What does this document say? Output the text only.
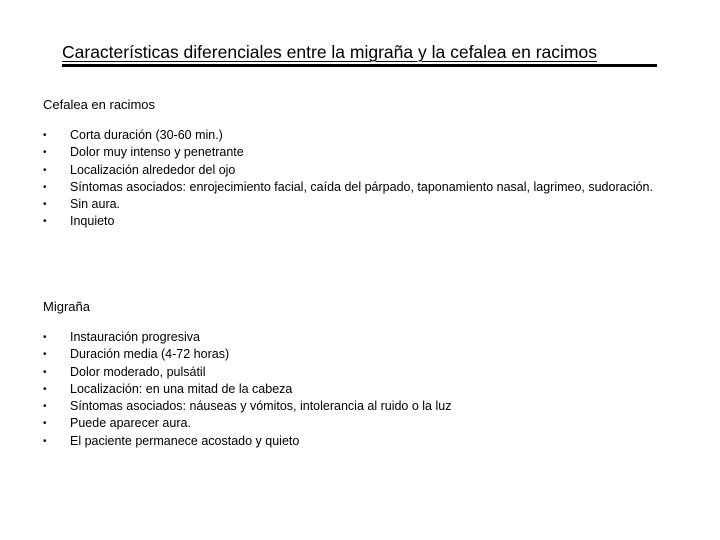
Características diferenciales entre la migraña y la cefalea en racimos
Cefalea en racimos
• Corta duración (30-60 min.)
• Dolor muy intenso y penetrante
• Localización alrededor del ojo
• Síntomas asociados: enrojecimiento facial, caída del párpado, taponamiento nasal, lagrimeo, sudoración.
• Sin aura.
• Inquieto
Migraña
• Instauración progresiva
• Duración media (4-72 horas)
• Dolor moderado, pulsátil
• Localización: en una mitad de la cabeza
• Síntomas asociados: náuseas y vómitos, intolerancia al ruido o la luz
• Puede aparecer aura.
• El paciente permanece acostado y quieto
